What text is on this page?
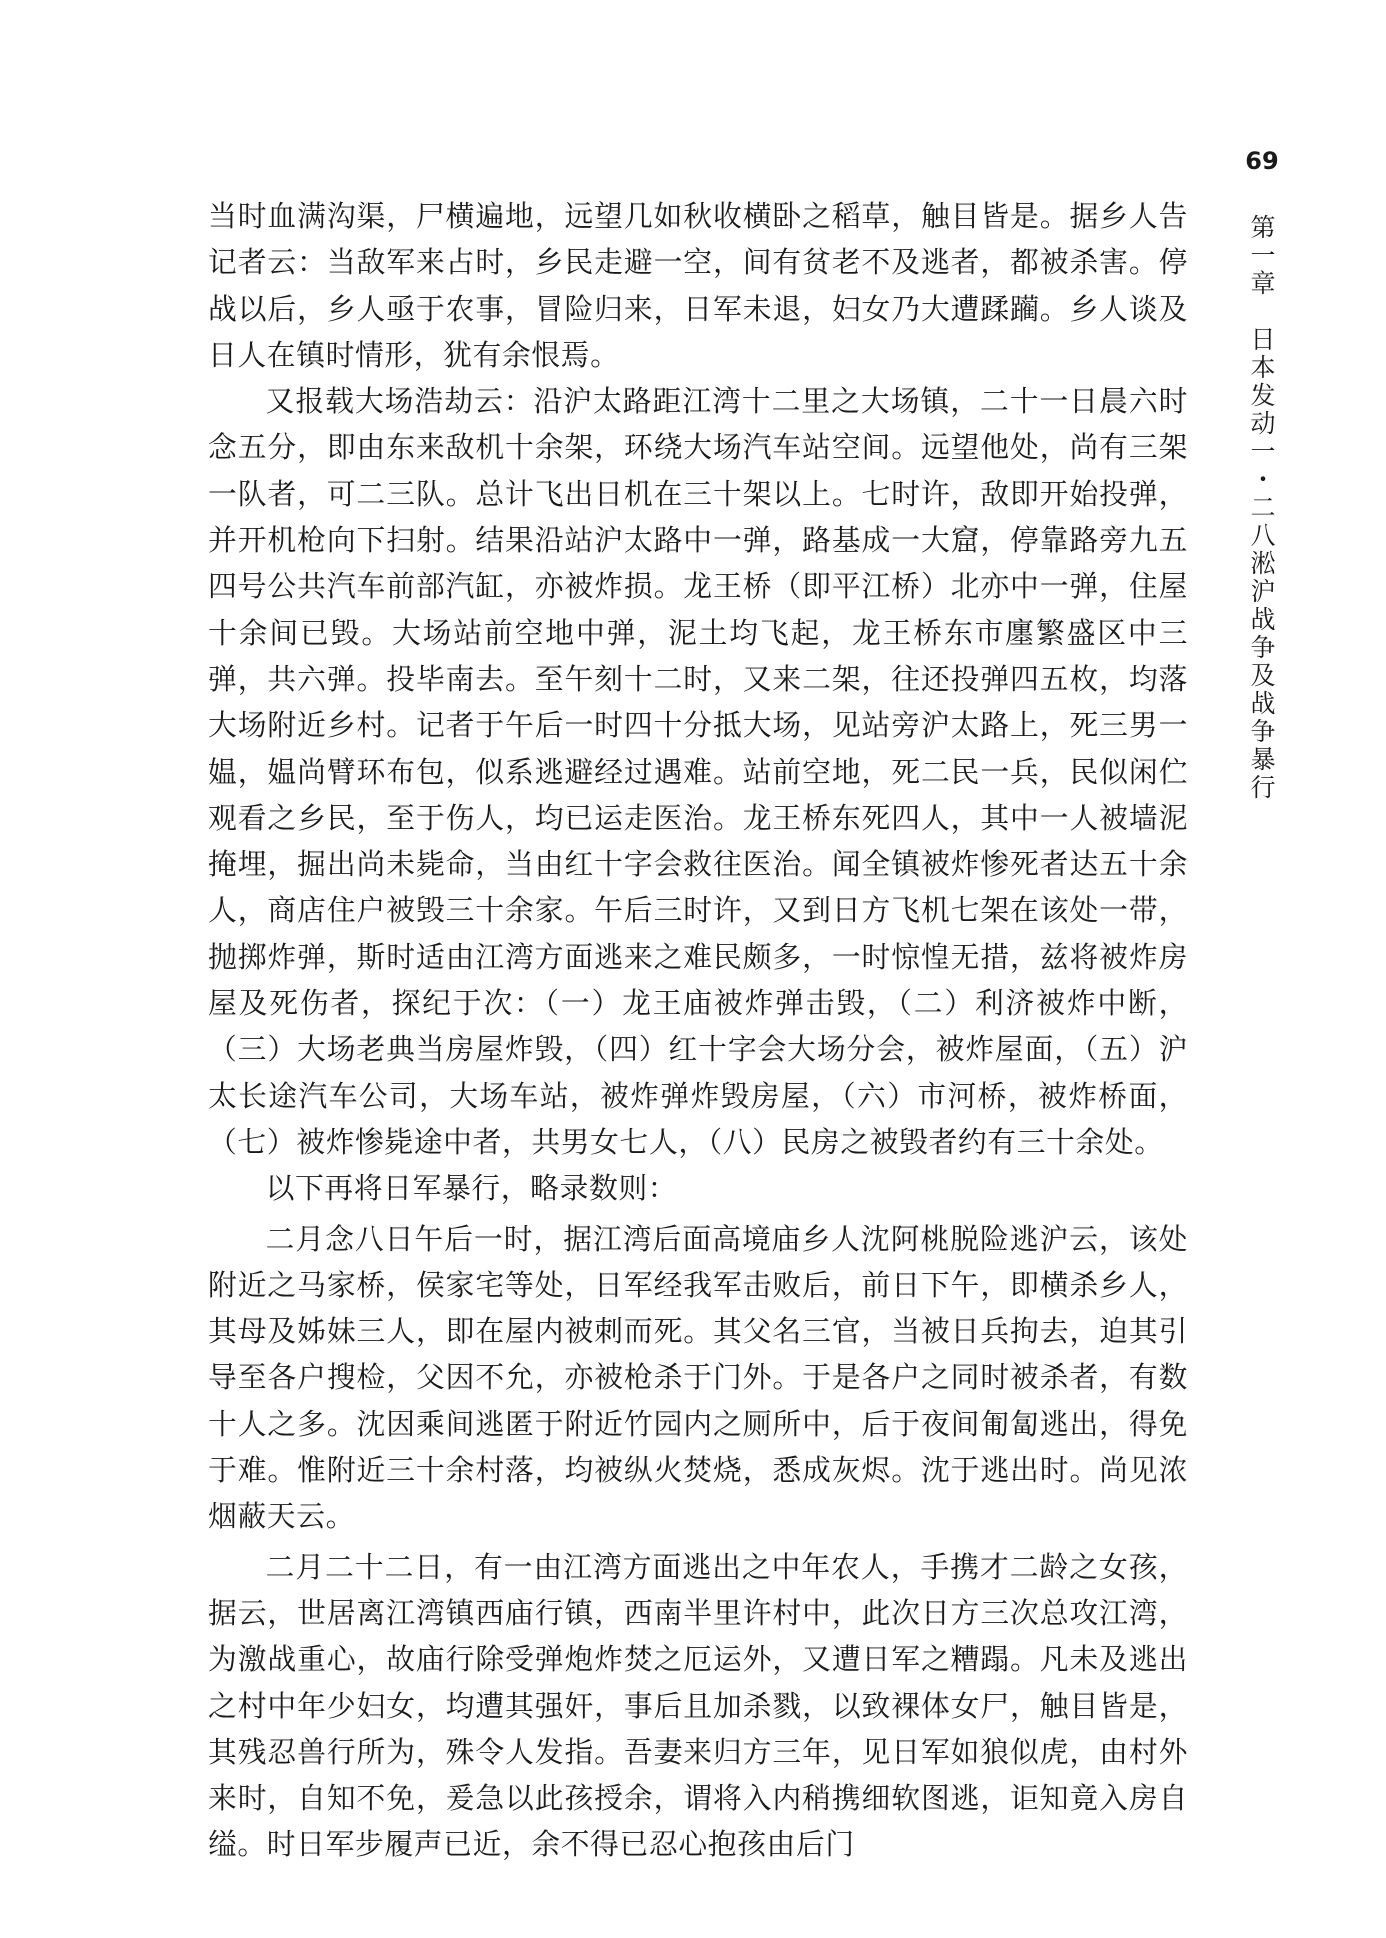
69
第一章　日本发动一・二八淞沪战争及战争暴行

当时血满沟渠，尸横遍地，远望几如秋收横卧之稻草，触目皆是。据乡人告记者云：当敌军来占时，乡民走避一空，间有贫老不及逃者，都被杀害。停战以后，乡人亟于农事，冒险归来，日军未退，妇女乃大遭蹂躏。乡人谈及日人在镇时情形，犹有余恨焉。

又报载大场浩劫云：沿沪太路距江湾十二里之大场镇，二十一日晨六时念五分，即由东来敌机十余架，环绕大场汽车站空间。远望他处，尚有三架一队者，可二三队。总计飞出日机在三十架以上。七时许，敌即开始投弹，并开机枪向下扫射。结果沿站沪太路中一弹，路基成一大窟，停靠路旁九五四号公共汽车前部汽缸，亦被炸损。龙王桥（即平江桥）北亦中一弹，住屋十余间已毁。大场站前空地中弹，泥土均飞起，龙王桥东市廛繁盛区中三弹，共六弹。投毕南去。至午刻十二时，又来二架，往还投弹四五枚，均落大场附近乡村。记者于午后一时四十分抵大场，见站旁沪太路上，死三男一媪，媪尚臂环布包，似系逃避经过遇难。站前空地，死二民一兵，民似闲伫观看之乡民，至于伤人，均已运走医治。龙王桥东死四人，其中一人被墙泥掩埋，掘出尚未毙命，当由红十字会救往医治。闻全镇被炸惨死者达五十余人，商店住户被毁三十余家。午后三时许，又到日方飞机七架在该处一带，抛掷炸弹，斯时适由江湾方面逃来之难民颇多，一时惊惶无措，兹将被炸房屋及死伤者，探纪于次：（一）龙王庙被炸弹击毁，（二）利济被炸中断，（三）大场老典当房屋炸毁，（四）红十字会大场分会，被炸屋面，（五）沪太长途汽车公司，大场车站，被炸弹炸毁房屋，（六）市河桥，被炸桥面，（七）被炸惨毙途中者，共男女七人，（八）民房之被毁者约有三十余处。

以下再将日军暴行，略录数则：

二月念八日午后一时，据江湾后面高境庙乡人沈阿桃脱险逃沪云，该处附近之马家桥，侯家宅等处，日军经我军击败后，前日下午，即横杀乡人，其母及姊妹三人，即在屋内被刺而死。其父名三官，当被日兵拘去，迫其引导至各户搜检，父因不允，亦被枪杀于门外。于是各户之同时被杀者，有数十人之多。沈因乘间逃匿于附近竹园内之厕所中，后于夜间匍匐逃出，得免于难。惟附近三十余村落，均被纵火焚烧，悉成灰烬。沈于逃出时。尚见浓烟蔽天云。

二月二十二日，有一由江湾方面逃出之中年农人，手携才二龄之女孩，据云，世居离江湾镇西庙行镇，西南半里许村中，此次日方三次总攻江湾，为激战重心，故庙行除受弹炮炸焚之厄运外，又遭日军之糟蹋。凡未及逃出之村中年少妇女，均遭其强奸，事后且加杀戮，以致裸体女尸，触目皆是，其残忍兽行所为，殊令人发指。吾妻来归方三年，见日军如狼似虎，由村外来时，自知不免，爰急以此孩授余，谓将入内稍携细软图逃，讵知竟入房自缢。时日军步履声已近，余不得已忍心抱孩由后门
